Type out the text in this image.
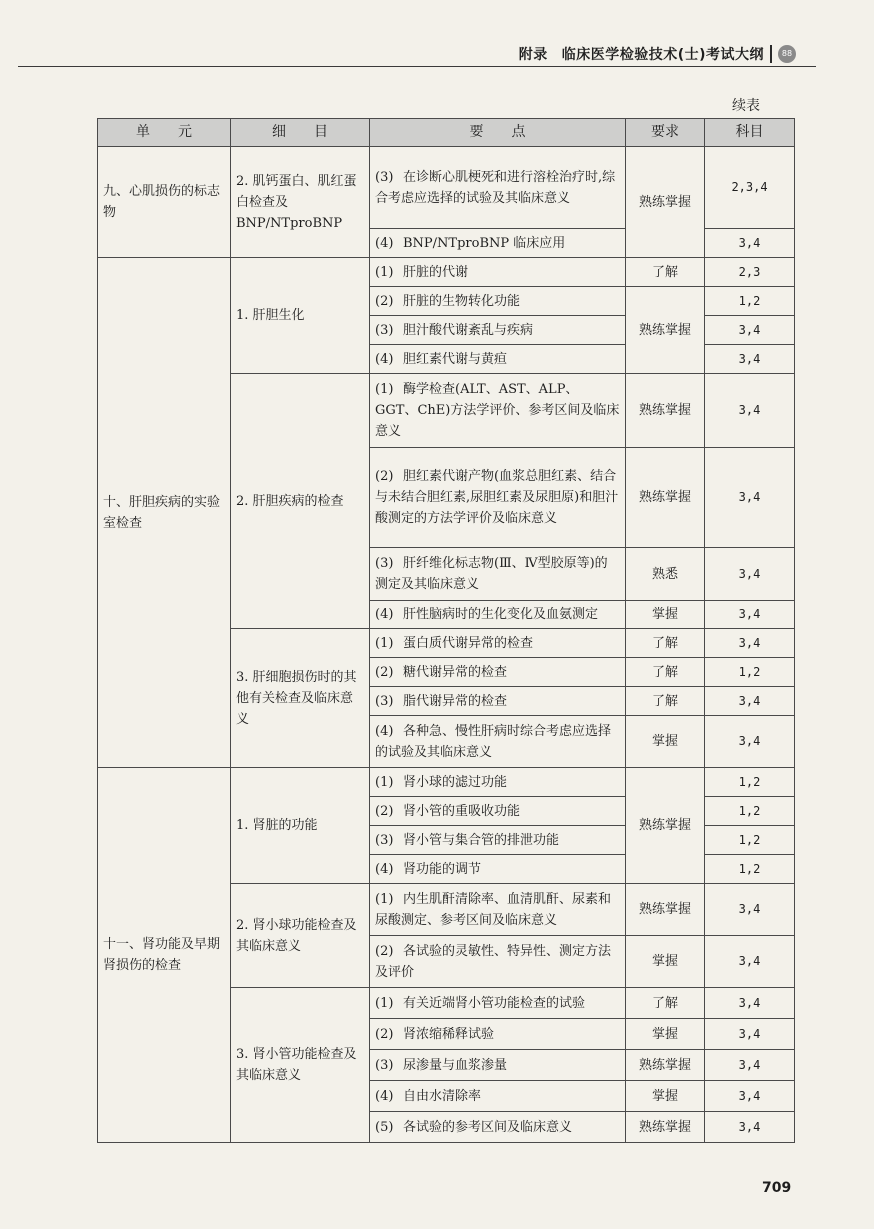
附录 临床医学检验技术(士)考试大纲	88
续表
单　　元	细　　目	要　　点	要求	科目
九、心肌损伤的标志物	2. 肌钙蛋白、肌红蛋白检查及 BNP/NTproBNP	(3) 在诊断心肌梗死和进行溶栓治疗时,综合考虑应选择的试验及其临床意义	熟练掌握	2,3,4
		(4) BNP/NTproBNP 临床应用		3,4
十、肝胆疾病的实验室检查	1. 肝胆生化	(1) 肝脏的代谢	了解	2,3
		(2) 肝脏的生物转化功能	熟练掌握	1,2
		(3) 胆汁酸代谢紊乱与疾病		3,4
		(4) 胆红素代谢与黄疸		3,4
	2. 肝胆疾病的检查	(1) 酶学检查(ALT、AST、ALP、GGT、ChE)方法学评价、参考区间及临床意义	熟练掌握	3,4
		(2) 胆红素代谢产物(血浆总胆红素、结合与未结合胆红素,尿胆红素及尿胆原)和胆汁酸测定的方法学评价及临床意义	熟练掌握	3,4
		(3) 肝纤维化标志物(Ⅲ、Ⅳ型胶原等)的测定及其临床意义	熟悉	3,4
		(4) 肝性脑病时的生化变化及血氨测定	掌握	3,4
	3. 肝细胞损伤时的其他有关检查及临床意义	(1) 蛋白质代谢异常的检查	了解	3,4
		(2) 糖代谢异常的检查	了解	1,2
		(3) 脂代谢异常的检查	了解	3,4
		(4) 各种急、慢性肝病时综合考虑应选择的试验及其临床意义	掌握	3,4
十一、肾功能及早期肾损伤的检查	1. 肾脏的功能	(1) 肾小球的滤过功能	熟练掌握	1,2
		(2) 肾小管的重吸收功能		1,2
		(3) 肾小管与集合管的排泄功能		1,2
		(4) 肾功能的调节		1,2
	2. 肾小球功能检查及其临床意义	(1) 内生肌酐清除率、血清肌酐、尿素和尿酸测定、参考区间及临床意义	熟练掌握	3,4
		(2) 各试验的灵敏性、特异性、测定方法及评价	掌握	3,4
	3. 肾小管功能检查及其临床意义	(1) 有关近端肾小管功能检查的试验	了解	3,4
		(2) 肾浓缩稀释试验	掌握	3,4
		(3) 尿渗量与血浆渗量	熟练掌握	3,4
		(4) 自由水清除率	掌握	3,4
		(5) 各试验的参考区间及临床意义	熟练掌握	3,4
709
